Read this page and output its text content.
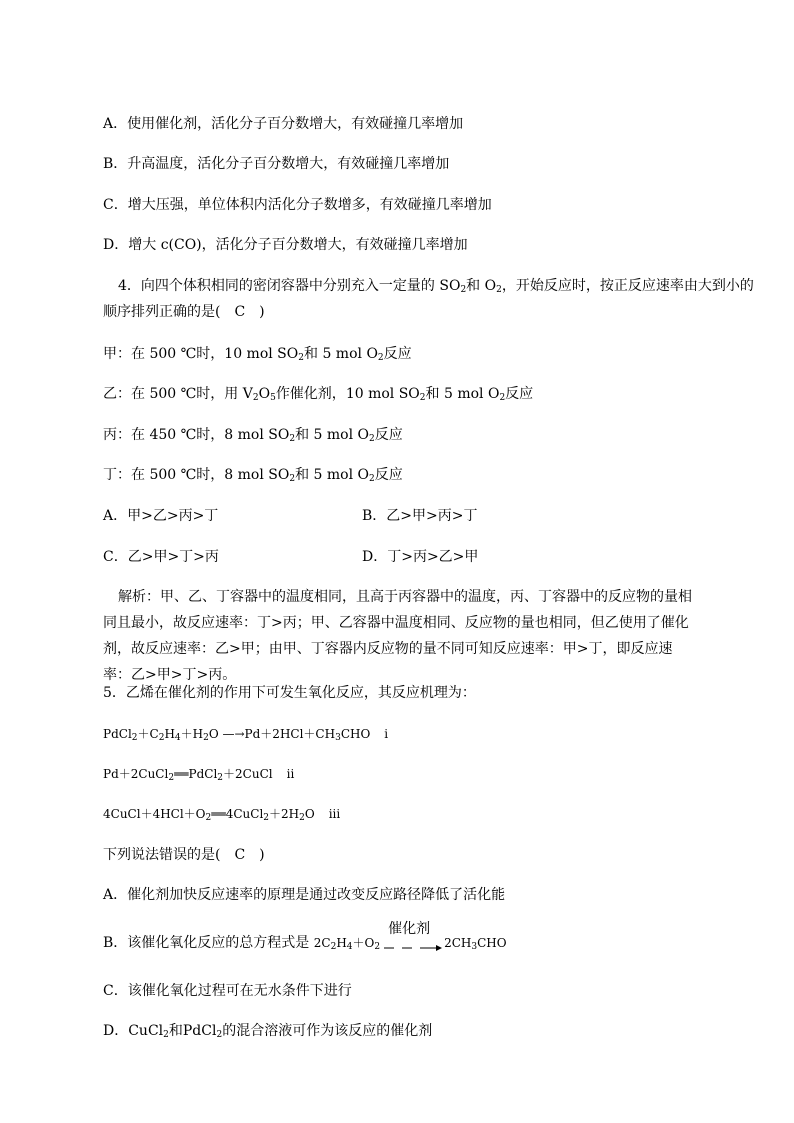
A．使用催化剂，活化分子百分数增大，有效碰撞几率增加
B．升高温度，活化分子百分数增大，有效碰撞几率增加
C．增大压强，单位体积内活化分子数增多，有效碰撞几率增加
D．增大 c(CO)，活化分子百分数增大，有效碰撞几率增加
4．向四个体积相同的密闭容器中分别充入一定量的 $SO_2$和 $O_2$，开始反应时，按正反应速率由大到小的
顺序排列正确的是(　C　)
甲：在 500 ℃时，10 mol $SO_2$和 5 mol $O_2$反应
乙：在 500 ℃时，用 $V_2O_5$作催化剂，10 mol $SO_2$和 5 mol $O_2$反应
丙：在 450 ℃时，8 mol $SO_2$和 5 mol $O_2$反应
丁：在 500 ℃时，8 mol $SO_2$和 5 mol $O_2$反应
A．甲>乙>丙>丁	B．乙>甲>丙>丁
C．乙>甲>丁>丙	D．丁>丙>乙>甲
解析：甲、乙、丁容器中的温度相同，且高于丙容器中的温度，丙、丁容器中的反应物的量相同且最小，故反应速率：丁>丙；甲、乙容器中温度相同、反应物的量也相同，但乙使用了催化剂，故反应速率：乙>甲；由甲、丁容器内反应物的量不同可知反应速率：甲>丁，即反应速率：乙>甲>丁>丙。
5．乙烯在催化剂的作用下可发生氧化反应，其反应机理为：
$PdCl_2+C_2H_4+H_2O$ $—\to Pd+2HCl+CH_3CHO$ i
Pd＋2CuCl$_2$══PdCl$_2$＋2CuCl ii
$4CuCl+4HCl+O_2══4CuCl_2+2H_2O$ iii
下列说法错误的是(　C　)
A．催化剂加快反应速率的原理是通过改变反应路径降低了活化能
B．该催化氧化反应的总方程式是 $2C_2H_4+O_2$
催化剂
$2CH_3CHO$
C．该催化氧化过程可在无水条件下进行
D．CuCl$_2$和PdCl$_2$的混合溶液可作为该反应的催化剂
